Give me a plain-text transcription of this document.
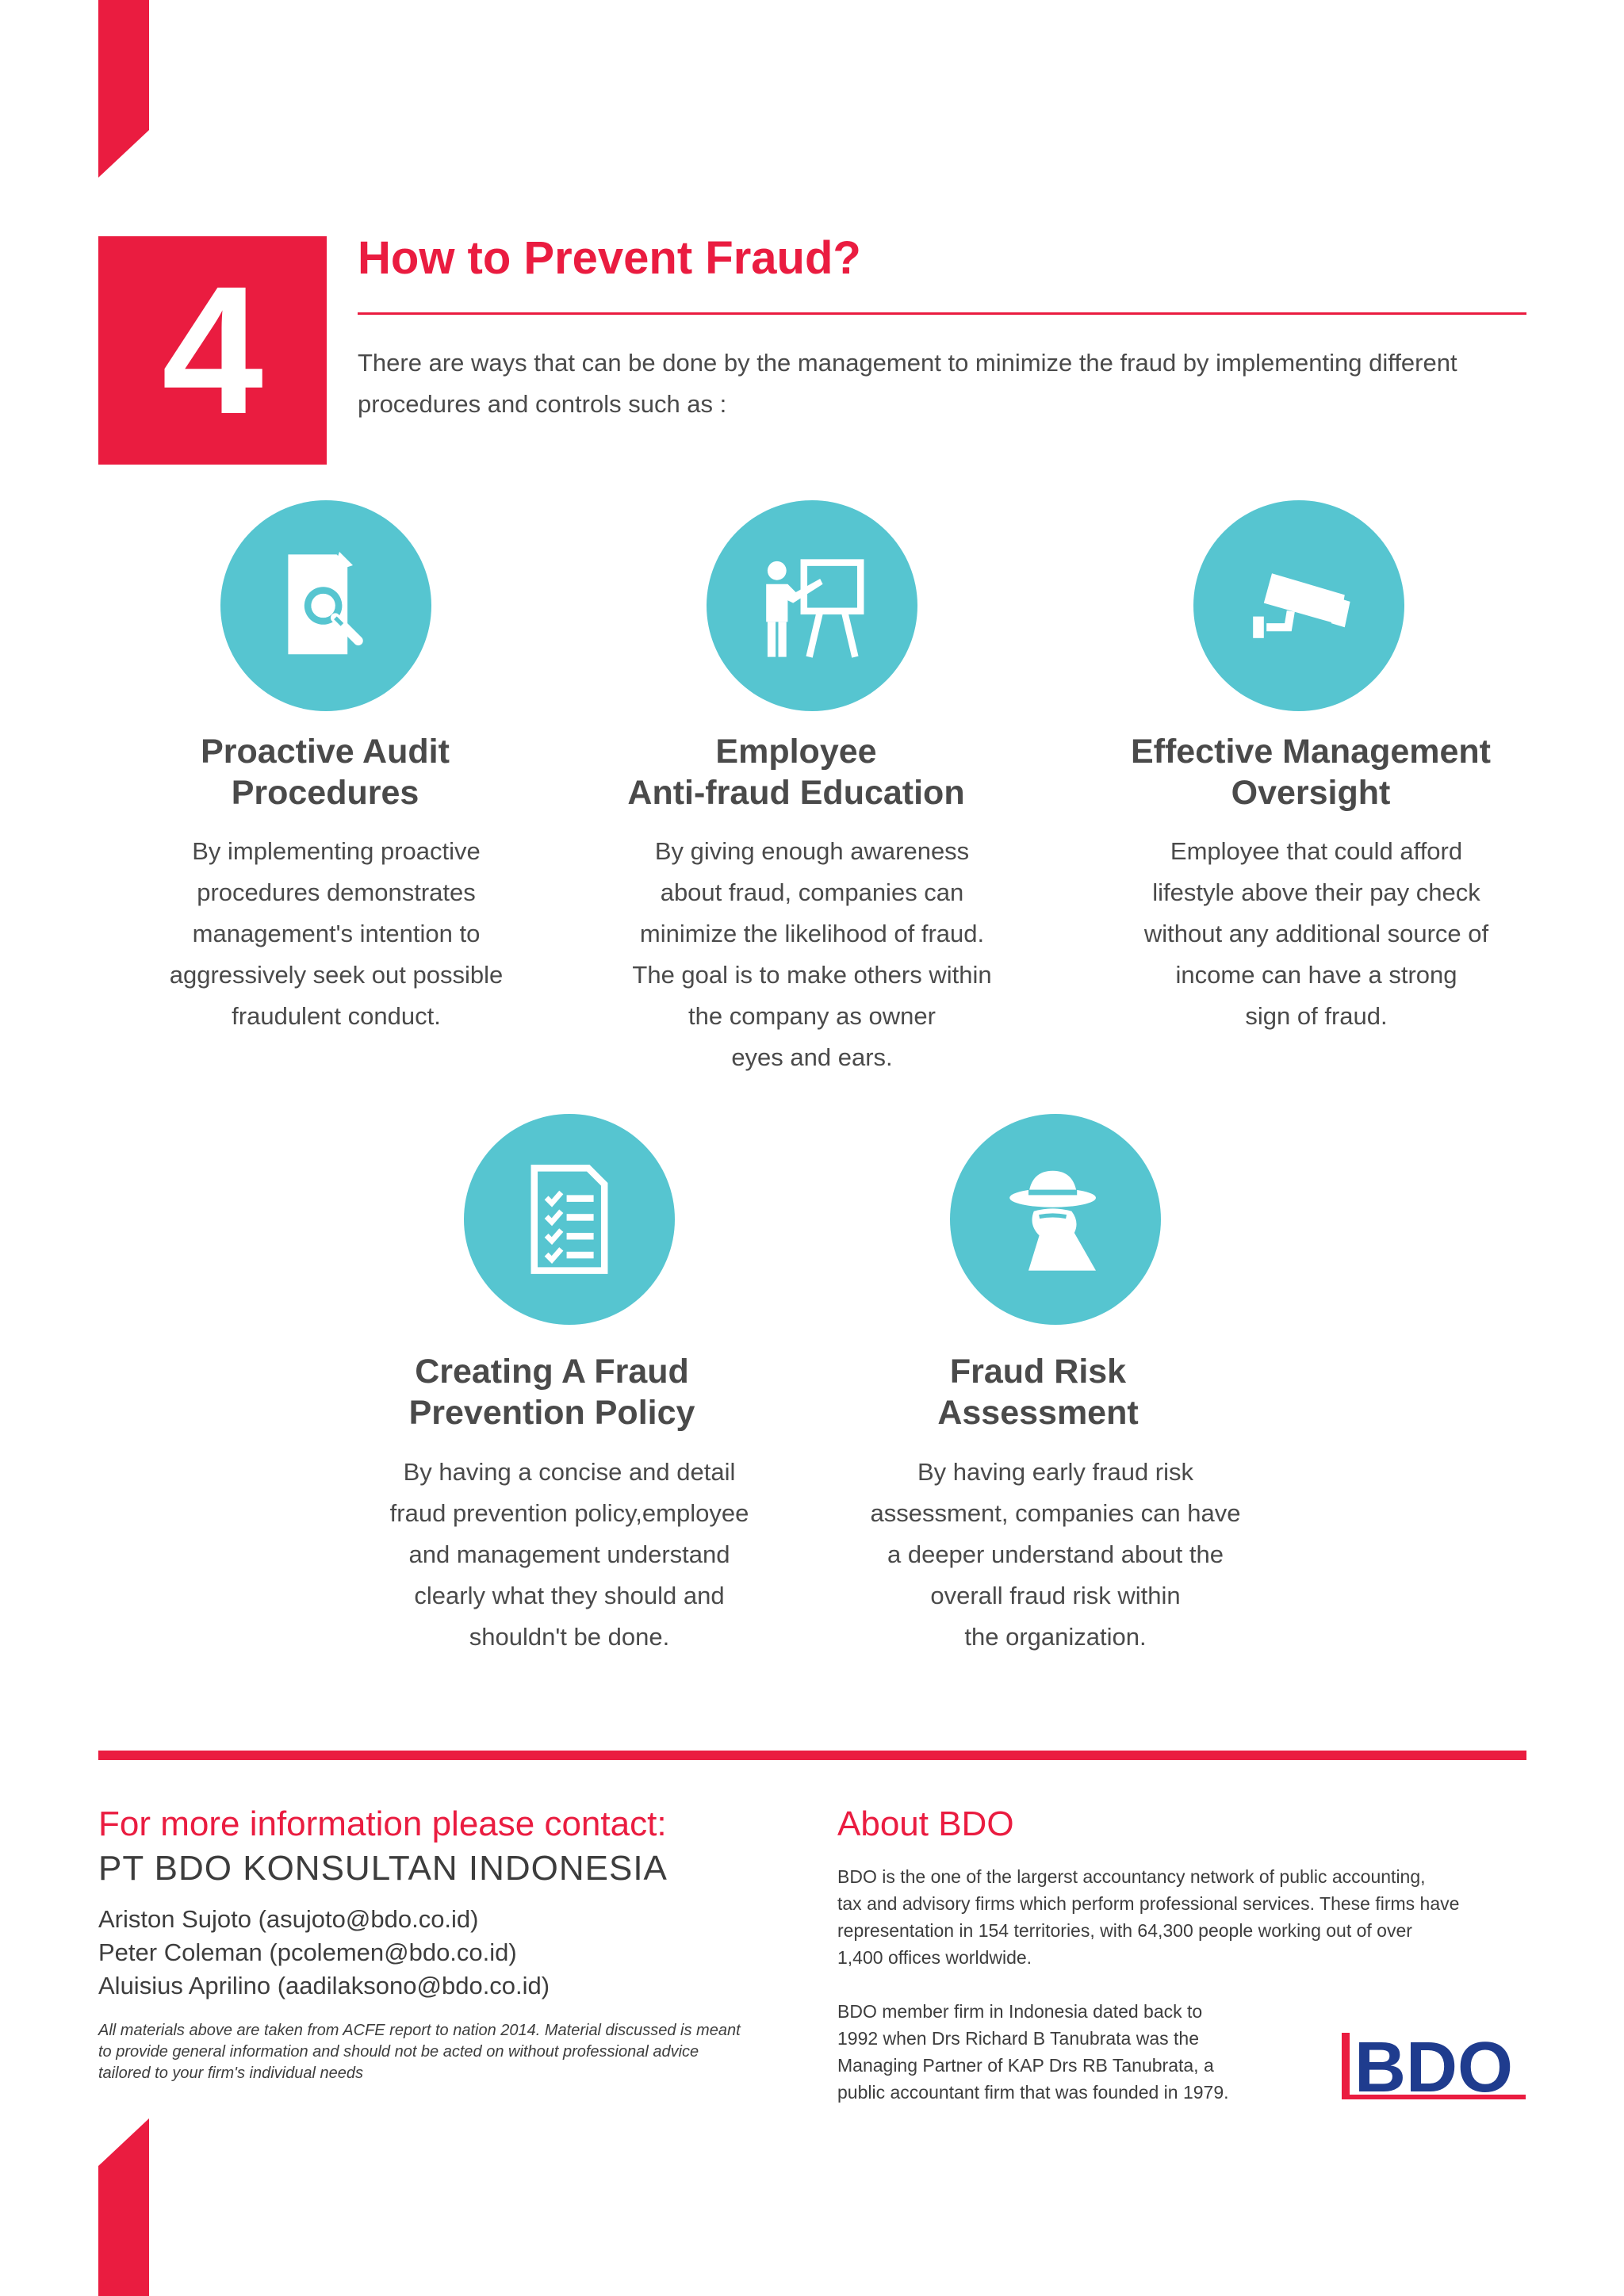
4 How to Prevent Fraud?
There are ways that can be done by the management to minimize the fraud by implementing different procedures and controls such as :
Proactive Audit
Procedures
By implementing proactive
procedures demonstrates
management's intention to
aggressively seek out possible
fraudulent conduct.
Employee
Anti-fraud Education
By giving enough awareness
about fraud, companies can
minimize the likelihood of fraud.
The goal is to make others within
the company as owner
eyes and ears.
Effective Management
Oversight
Employee that could afford
lifestyle above their pay check
without any additional source of
income can have a strong
sign of fraud.
Creating A Fraud
Prevention Policy
By having a concise and detail
fraud prevention policy,employee
and management understand
clearly what they should and
shouldn't be done.
Fraud Risk
Assessment
By having early fraud risk
assessment, companies can have
a deeper understand about the
overall fraud risk within
the organization.
For more information please contact:
PT BDO KONSULTAN INDONESIA
Ariston Sujoto (asujoto@bdo.co.id)
Peter Coleman (pcolemen@bdo.co.id)
Aluisius Aprilino (aadilaksono@bdo.co.id)
All materials above are taken from ACFE report to nation 2014. Material discussed is meant
to provide general information and should not be acted on without professional advice
tailored to your firm's individual needs
About BDO
BDO is the one of the largerst accountancy network of public accounting,
tax and advisory firms which perform professional services. These firms have
representation in 154 territories, with 64,300 people working out of over
1,400 offices worldwide.
BDO member firm in Indonesia dated back to
1992 when Drs Richard B Tanubrata was the
Managing Partner of KAP Drs RB Tanubrata, a
public accountant firm that was founded in 1979. BDO
